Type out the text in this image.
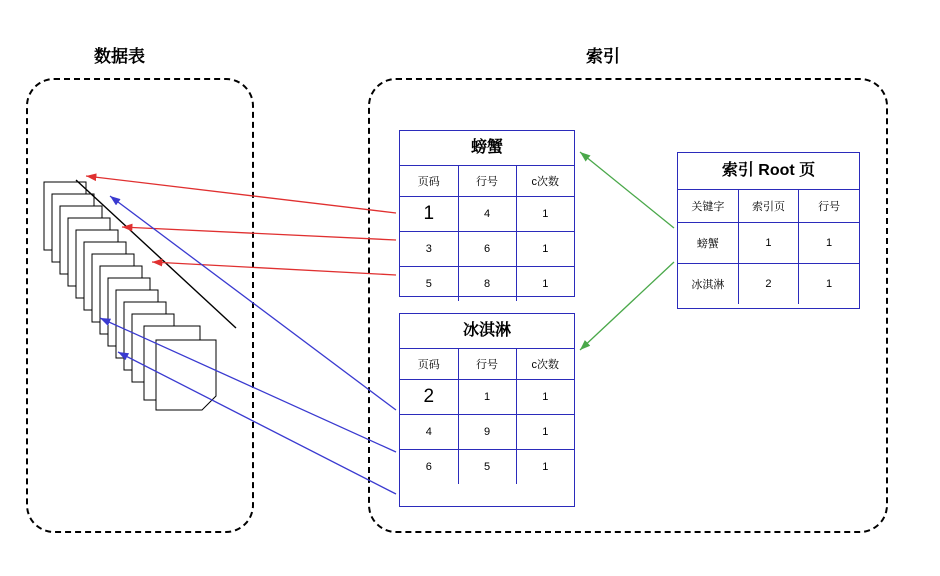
数据表	索引
螃蟹
页码	行号	c次数
1	4	1
3	6	1
5	8	1
冰淇淋
页码	行号	c次数
2	1	1
4	9	1
6	5	1
索引 Root 页
关键字	索引页	行号
螃蟹	1	1
冰淇淋	2	1
